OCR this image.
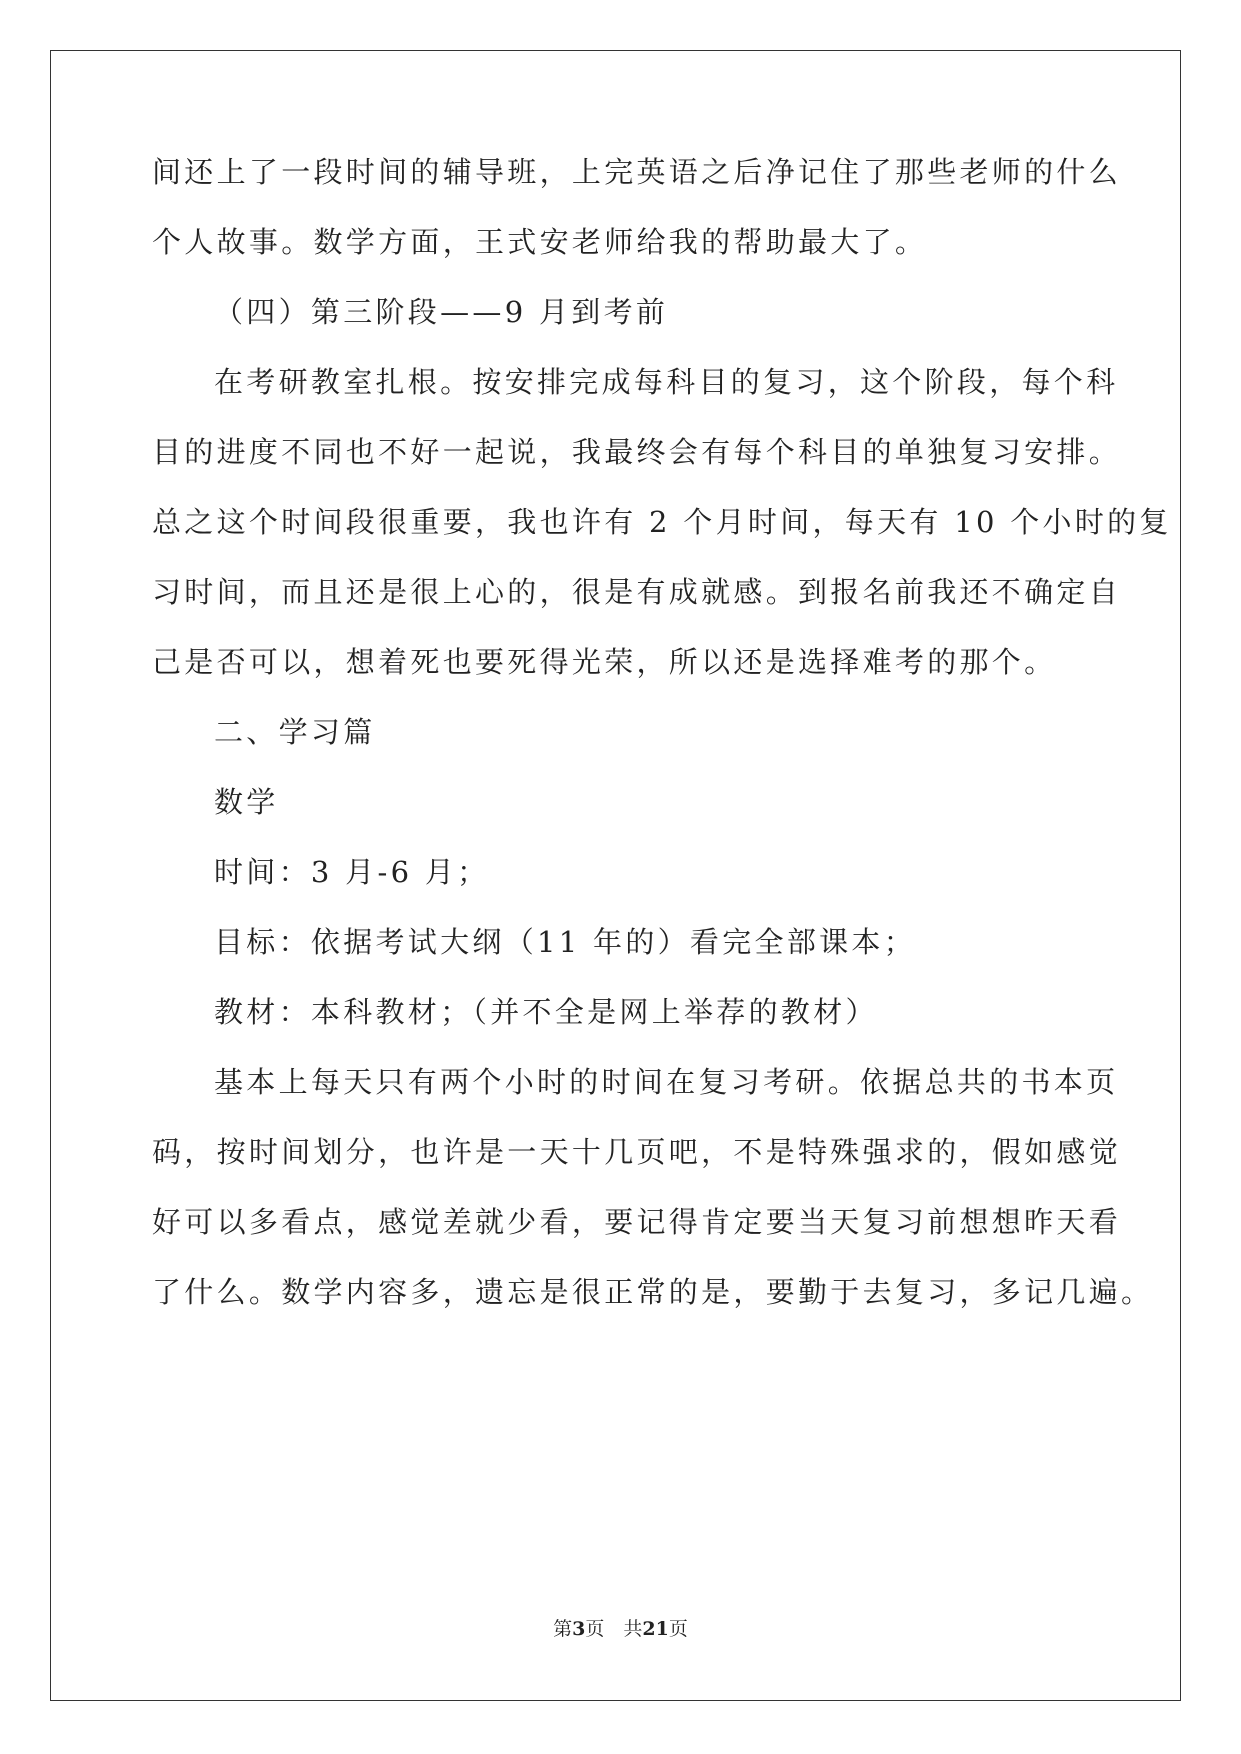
间还上了一段时间的辅导班，上完英语之后净记住了那些老师的什么
个人故事。数学方面，王式安老师给我的帮助最大了。
（四）第三阶段——9 月到考前
在考研教室扎根。按安排完成每科目的复习，这个阶段，每个科
目的进度不同也不好一起说，我最终会有每个科目的单独复习安排。
总之这个时间段很重要，我也许有 2 个月时间，每天有 10 个小时的复
习时间，而且还是很上心的，很是有成就感。到报名前我还不确定自
己是否可以，想着死也要死得光荣，所以还是选择难考的那个。
二、学习篇
数学
时间：3 月-6 月；
目标：依据考试大纲（11 年的）看完全部课本；
教材：本科教材；（并不全是网上举荐的教材）
基本上每天只有两个小时的时间在复习考研。依据总共的书本页
码，按时间划分，也许是一天十几页吧，不是特殊强求的，假如感觉
好可以多看点，感觉差就少看，要记得肯定要当天复习前想想昨天看
了什么。数学内容多，遗忘是很正常的是，要勤于去复习，多记几遍。
第3页　共21页
